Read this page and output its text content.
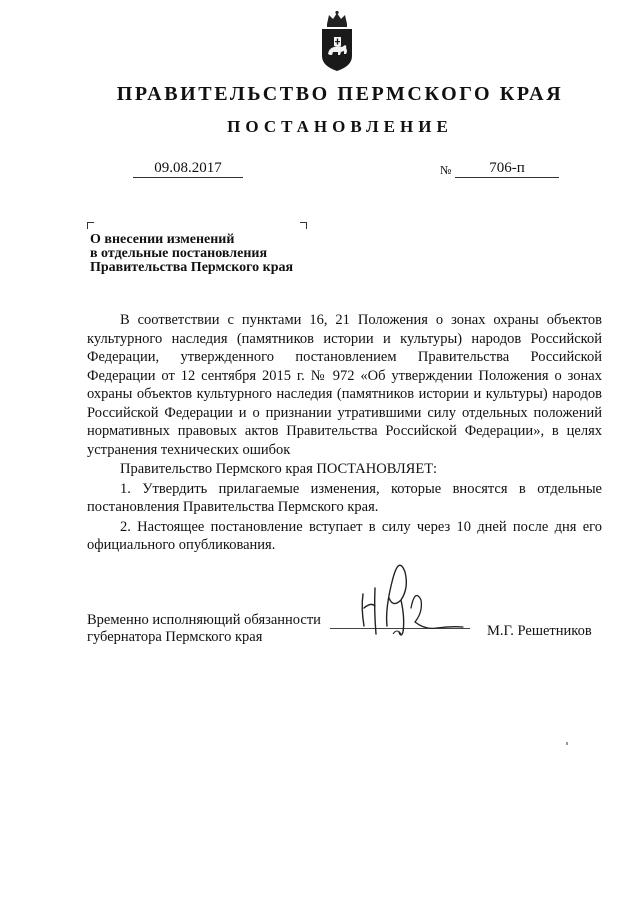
ПРАВИТЕЛЬСТВО ПЕРМСКОГО КРАЯ
ПОСТАНОВЛЕНИЕ
09.08.2017	№	706-п
О внесении изменений
в отдельные постановления
Правительства Пермского края

В соответствии с пунктами 16, 21 Положения о зонах охраны объектов культурного наследия (памятников истории и культуры) народов Российской Федерации, утвержденного постановлением Правительства Российской Федерации от 12 сентября 2015 г. № 972 «Об утверждении Положения о зонах охраны объектов культурного наследия (памятников истории и культуры) народов Российской Федерации и о признании утратившими силу отдельных положений нормативных правовых актов Правительства Российской Федерации», в целях устранения технических ошибок

Правительство Пермского края ПОСТАНОВЛЯЕТ:

1. Утвердить прилагаемые изменения, которые вносятся в отдельные постановления Правительства Пермского края.

2. Настоящее постановление вступает в силу через 10 дней после дня его официального опубликования.

Временно исполняющий обязанности
губернатора Пермского края	М.Г. Решетников
